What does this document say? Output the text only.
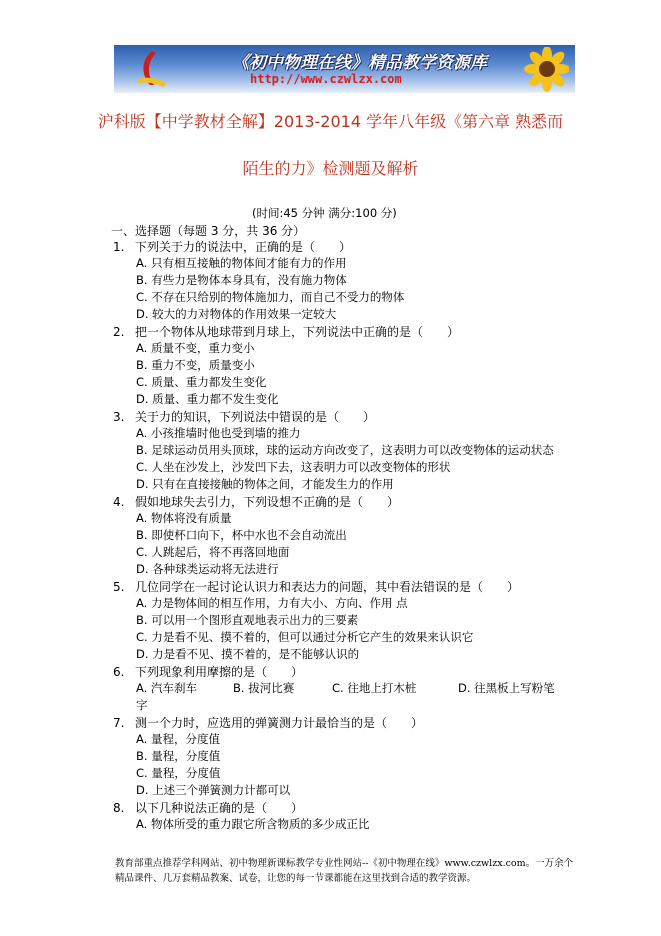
《初中物理在线》精品教学资源库
http://www.czwlzx.com
沪科版【中学教材全解】2013-2014 学年八年级《第六章 熟悉而
陌生的力》检测题及解析
(时间:45 分钟 满分:100 分)
一、选择题（每题 3 分，共 36 分）
1. 下列关于力的说法中，正确的是（　　）
A. 只有相互接触的物体间才能有力的作用
B. 有些力是物体本身具有，没有施力物体
C. 不存在只给别的物体施加力，而自己不受力的物体
D. 较大的力对物体的作用效果一定较大
2. 把一个物体从地球带到月球上，下列说法中正确的是（　　）
A. 质量不变，重力变小
B. 重力不变，质量变小
C. 质量、重力都发生变化
D. 质量、重力都不发生变化
3. 关于力的知识，下列说法中错误的是（　　）
A. 小孩推墙时他也受到墙的推力
B. 足球运动员用头顶球，球的运动方向改变了，这表明力可以改变物体的运动状态
C. 人坐在沙发上，沙发凹下去，这表明力可以改变物体的形状
D. 只有在直接接触的物体之间，才能发生力的作用
4. 假如地球失去引力，下列设想不正确的是（　　）
A. 物体将没有质量
B. 即使杯口向下，杯中水也不会自动流出
C. 人跳起后，将不再落回地面
D. 各种球类运动将无法进行
5. 几位同学在一起讨论认识力和表达力的问题，其中看法错误的是（　　）
A. 力是物体间的相互作用，力有大小、方向、作用 点
B. 可以用一个图形直观地表示出力的三要素
C. 力是看不见、摸不着的，但可以通过分析它产生的效果来认识它
D. 力是看不见、摸不着的，是不能够认识的
6. 下列现象利用摩擦的是（　　）
A. 汽车刹车	B. 拔河比赛	C. 往地上打木桩	D. 往黑板上写粉笔
字
7. 测一个力时，应选用的弹簧测力计最恰当的是（　　）
A. 量程，分度值
B. 量程，分度值
C. 量程，分度值
D. 上述三个弹簧测力计都可以
8. 以下几种说法正确的是（　　）
A. 物体所受的重力跟它所含物质的多少成正比
教育部重点推荐学科网站、初中物理新课标教学专业性网站--《初中物理在线》www.czwlzx.com。一万余个精品课件、几万套精品教案、试卷，让您的每一节课都能在这里找到合适的教学资源。
